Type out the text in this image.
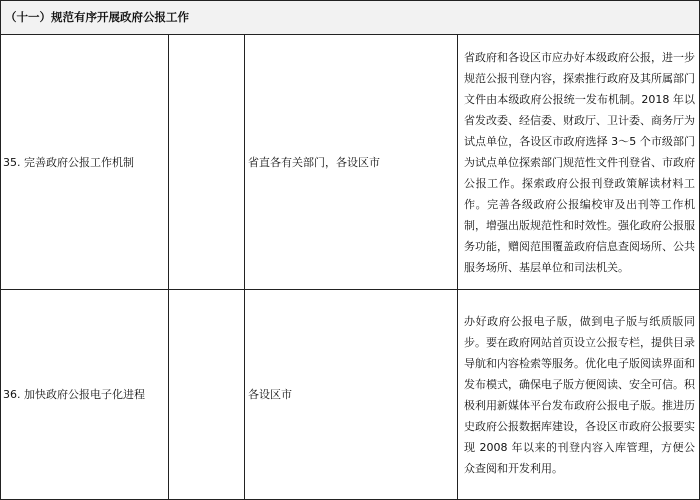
（十一）规范有序开展政府公报工作			
35. 完善政府公报工作机制		省直各有关部门，各设区市	省政府和各设区市应办好本级政府公报，进一步规范公报刊登内容，探索推行政府及其所属部门文件由本级政府公报统一发布机制。2018 年以省发改委、经信委、财政厅、卫计委、商务厅为试点单位，各设区市政府选择 3～5 个市级部门为试点单位探索部门规范性文件刊登省、市政府公报工作。探索政府公报刊登政策解读材料工作。完善各级政府公报编校审及出刊等工作机制，增强出版规范性和时效性。强化政府公报服务功能，赠阅范围覆盖政府信息查阅场所、公共服务场所、基层单位和司法机关。
36. 加快政府公报电子化进程		各设区市	办好政府公报电子版，做到电子版与纸质版同步。要在政府网站首页设立公报专栏，提供目录导航和内容检索等服务。优化电子版阅读界面和发布模式，确保电子版方便阅读、安全可信。积极利用新媒体平台发布政府公报电子版。推进历史政府公报数据库建设，各设区市政府公报要实现 2008 年以来的刊登内容入库管理，方便公众查阅和开发利用。
